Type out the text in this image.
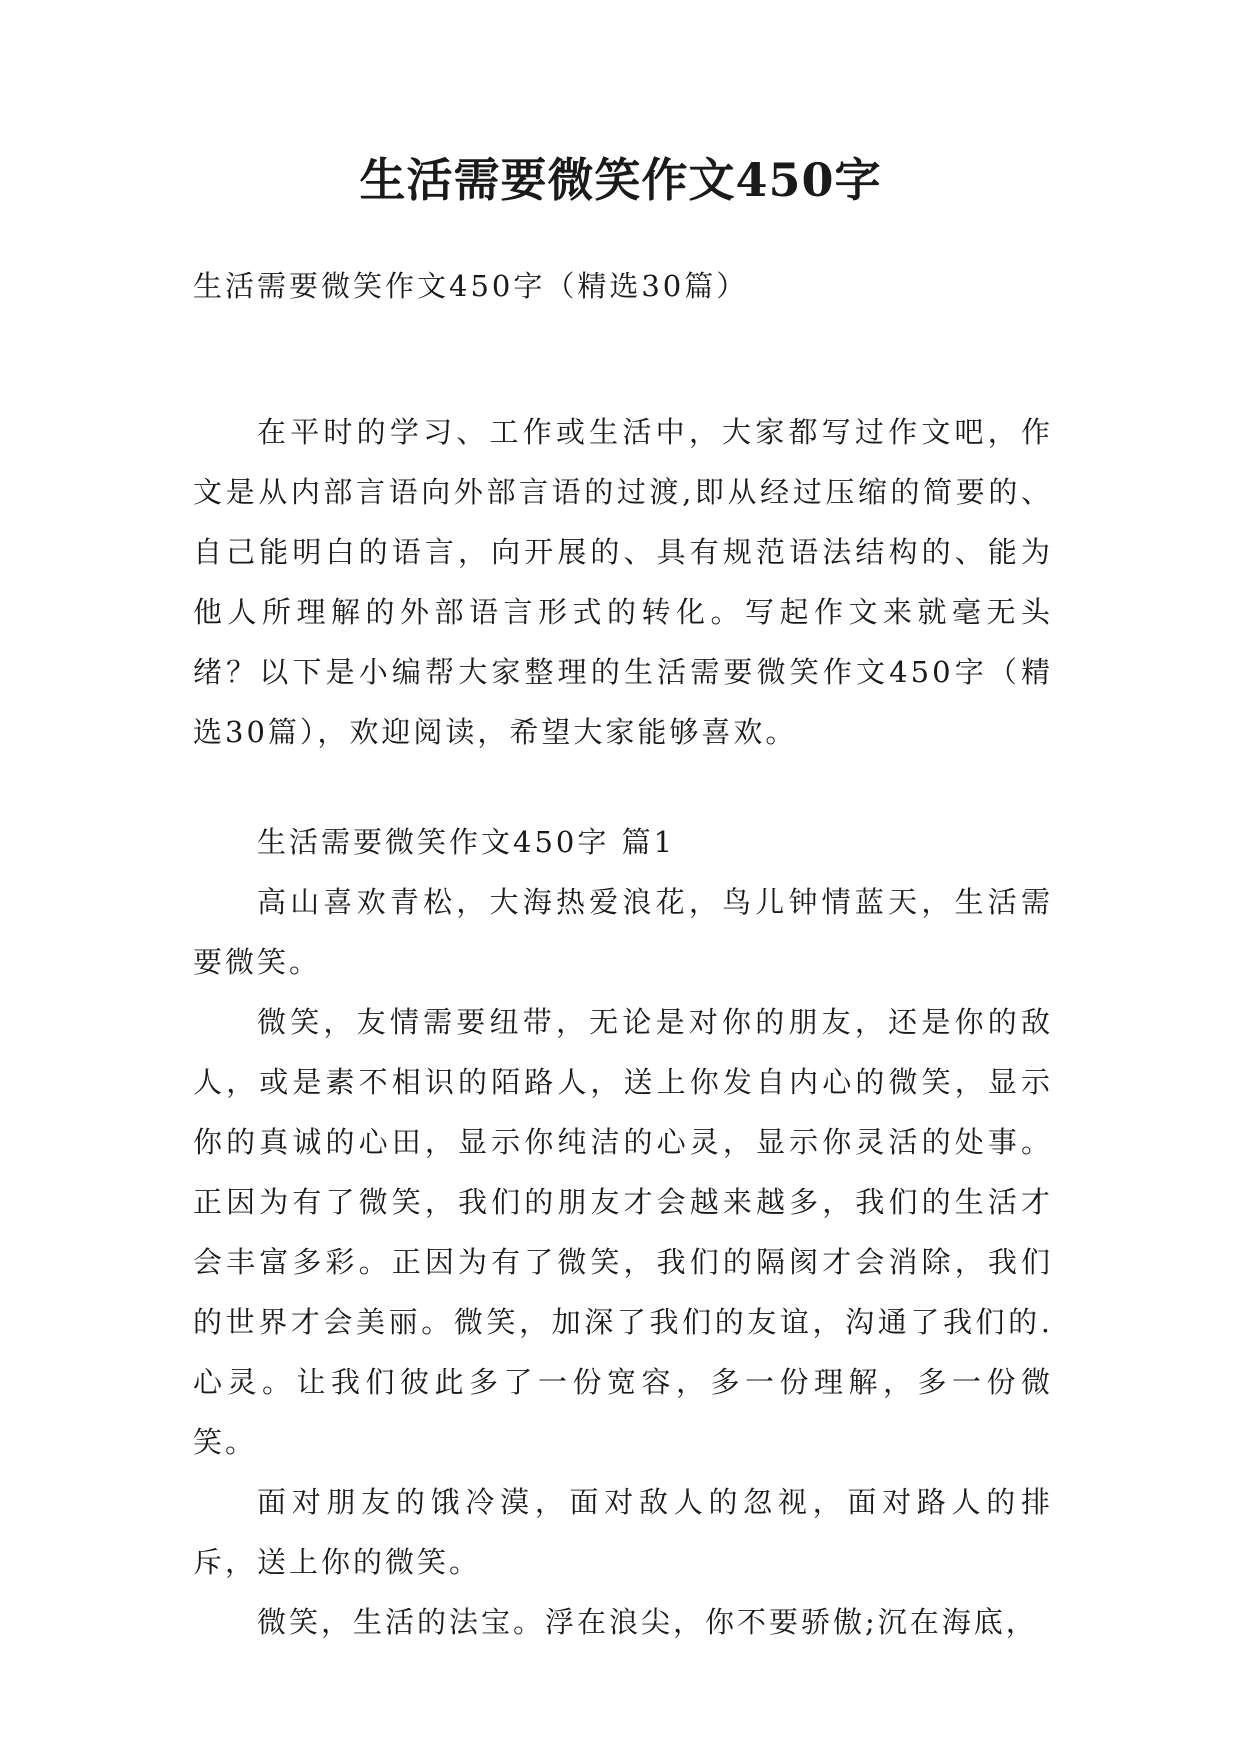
生活需要微笑作文450字
生活需要微笑作文450字（精选30篇）

在平时的学习、工作或生活中，大家都写过作文吧，作文是从内部言语向外部言语的过渡,即从经过压缩的简要的、自己能明白的语言，向开展的、具有规范语法结构的、能为他人所理解的外部语言形式的转化。写起作文来就毫无头绪？以下是小编帮大家整理的生活需要微笑作文450字（精选30篇），欢迎阅读，希望大家能够喜欢。

生活需要微笑作文450字 篇1

高山喜欢青松，大海热爱浪花，鸟儿钟情蓝天，生活需要微笑。

微笑，友情需要纽带，无论是对你的朋友，还是你的敌人，或是素不相识的陌路人，送上你发自内心的微笑，显示你的真诚的心田，显示你纯洁的心灵，显示你灵活的处事。正因为有了微笑，我们的朋友才会越来越多，我们的生活才会丰富多彩。正因为有了微笑，我们的隔阂才会消除，我们的世界才会美丽。微笑，加深了我们的友谊，沟通了我们的.心灵。让我们彼此多了一份宽容，多一份理解，多一份微笑。

面对朋友的饿冷漠，面对敌人的忽视，面对路人的排斥，送上你的微笑。

微笑，生活的法宝。浮在浪尖，你不要骄傲;沉在海底，
